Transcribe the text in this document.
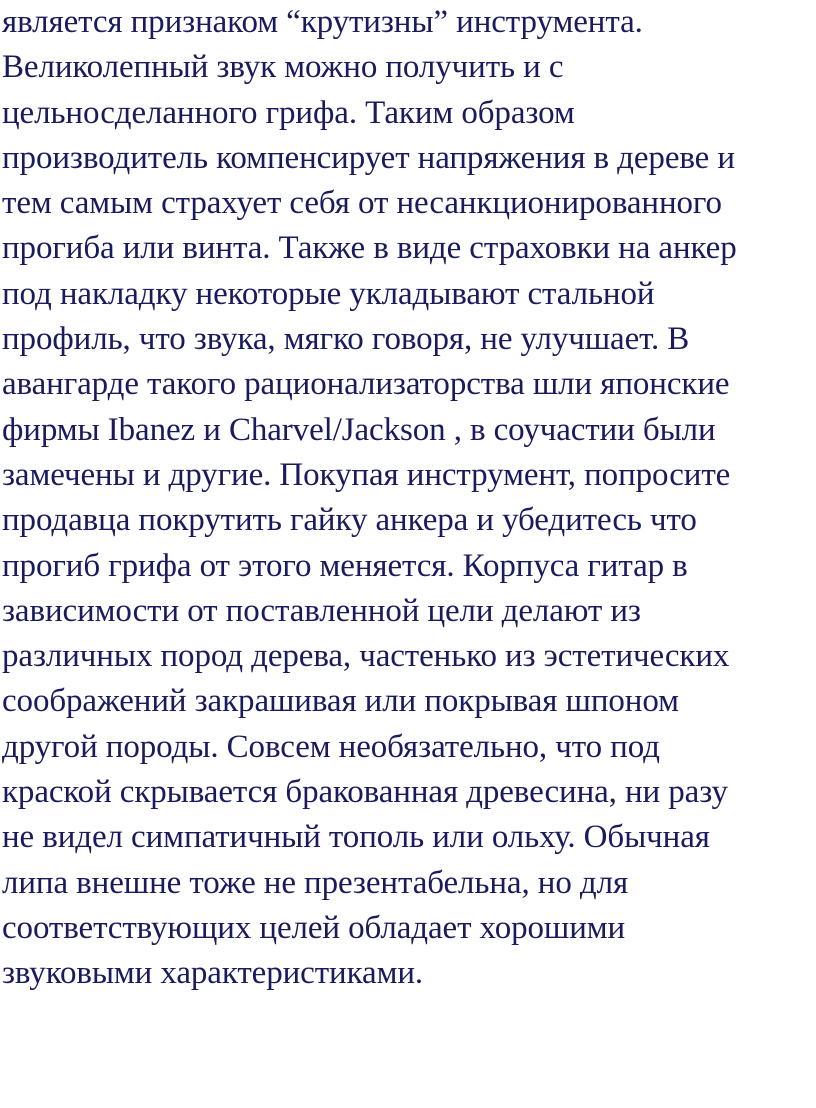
является признаком “крутизны” инструмента.
Великолепный звук можно получить и с
цельносделанного грифа. Таким образом
производитель компенсирует напряжения в дереве и
тем самым страхует себя от несанкционированного
прогиба или винта. Также в виде страховки на анкер
под накладку некоторые укладывают стальной
профиль, что звука, мягко говоря, не улучшает. В
авангарде такого рационализаторства шли японские
фирмы Ibanez и Charvel/Jackson , в соучастии были
замечены и другие. Покупая инструмент, попросите
продавца покрутить гайку анкера и убедитесь что
прогиб грифа от этого меняется. Корпуса гитар в
зависимости от поставленной цели делают из
различных пород дерева, частенько из эстетических
соображений закрашивая или покрывая шпоном
другой породы. Совсем необязательно, что под
краской скрывается бракованная древесина, ни разу
не видел симпатичный тополь или ольху. Обычная
липа внешне тоже не презентабельна, но для
соответствующих целей обладает хорошими
звуковыми характеристиками.
